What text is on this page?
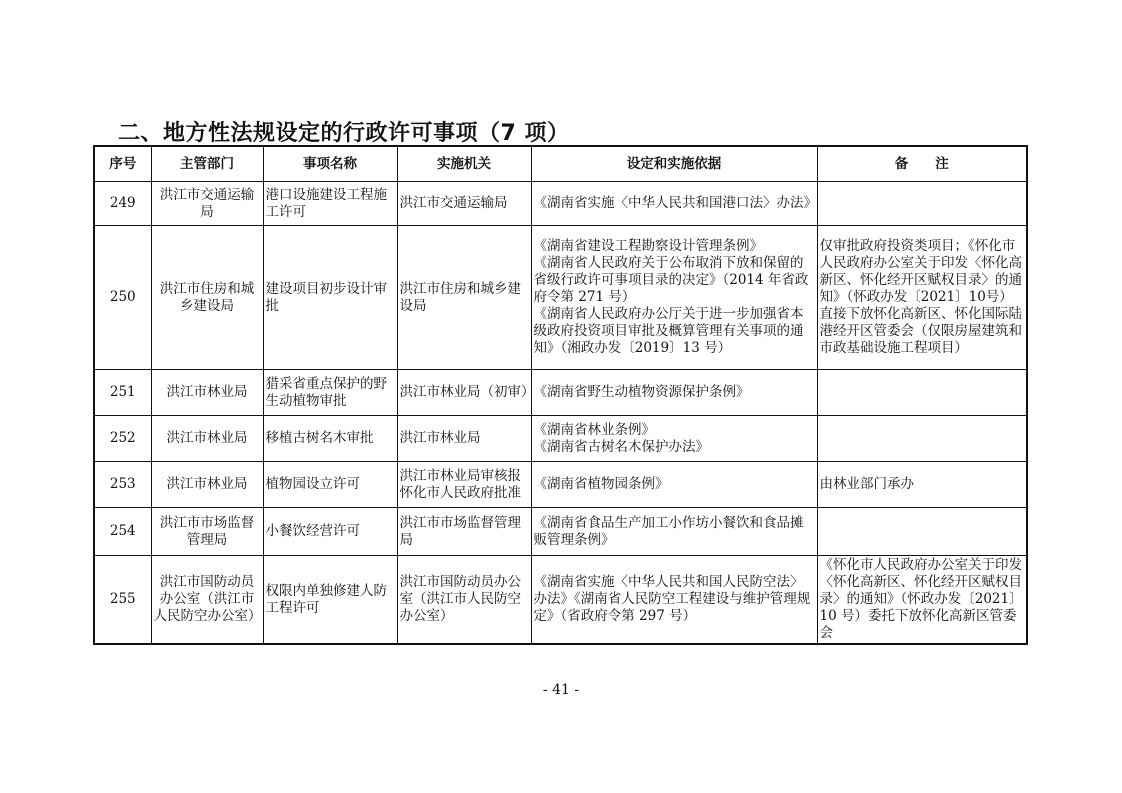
二、地方性法规设定的行政许可事项（7 项）
序号	主管部门	事项名称	实施机关	设定和实施依据	备　　注
249	洪江市交通运输局	港口设施建设工程施工许可	洪江市交通运输局	《湖南省实施〈中华人民共和国港口法〉办法》	

250	洪江市住房和城乡建设局	建设项目初步设计审批	洪江市住房和城乡建设局	《湖南省建设工程勘察设计管理条例》
《湖南省人民政府关于公布取消下放和保留的省级行政许可事项目录的决定》（2014 年省政府令第 271 号）
《湖南省人民政府办公厅关于进一步加强省本级政府投资项目审批及概算管理有关事项的通知》（湘政办发〔2019〕13 号）	仅审批政府投资类项目；《怀化市人民政府办公室关于印发〈怀化高新区、怀化经开区赋权目录〉的通知》（怀政办发〔2021〕10号）直接下放怀化高新区、怀化国际陆港经开区管委会（仅限房屋建筑和市政基础设施工程项目）
251	洪江市林业局	猎采省重点保护的野生动植物审批	洪江市林业局（初审）	《湖南省野生动植物资源保护条例》	

252	洪江市林业局	移植古树名木审批	洪江市林业局	《湖南省林业条例》
《湖南省古树名木保护办法》	

253	洪江市林业局	植物园设立许可	洪江市林业局审核报怀化市人民政府批准	《湖南省植物园条例》	由林业部门承办
254	洪江市市场监督管理局	小餐饮经营许可	洪江市市场监督管理局	《湖南省食品生产加工小作坊小餐饮和食品摊贩管理条例》	

255	洪江市国防动员办公室（洪江市人民防空办公室）	权限内单独修建人防工程许可	洪江市国防动员办公室（洪江市人民防空办公室）	《湖南省实施〈中华人民共和国人民防空法〉办法》《湖南省人民防空工程建设与维护管理规定》（省政府令第 297 号）	《怀化市人民政府办公室关于印发〈怀化高新区、怀化经开区赋权目录〉的通知》（怀政办发〔2021〕10 号）委托下放怀化高新区管委会
- 41 -
